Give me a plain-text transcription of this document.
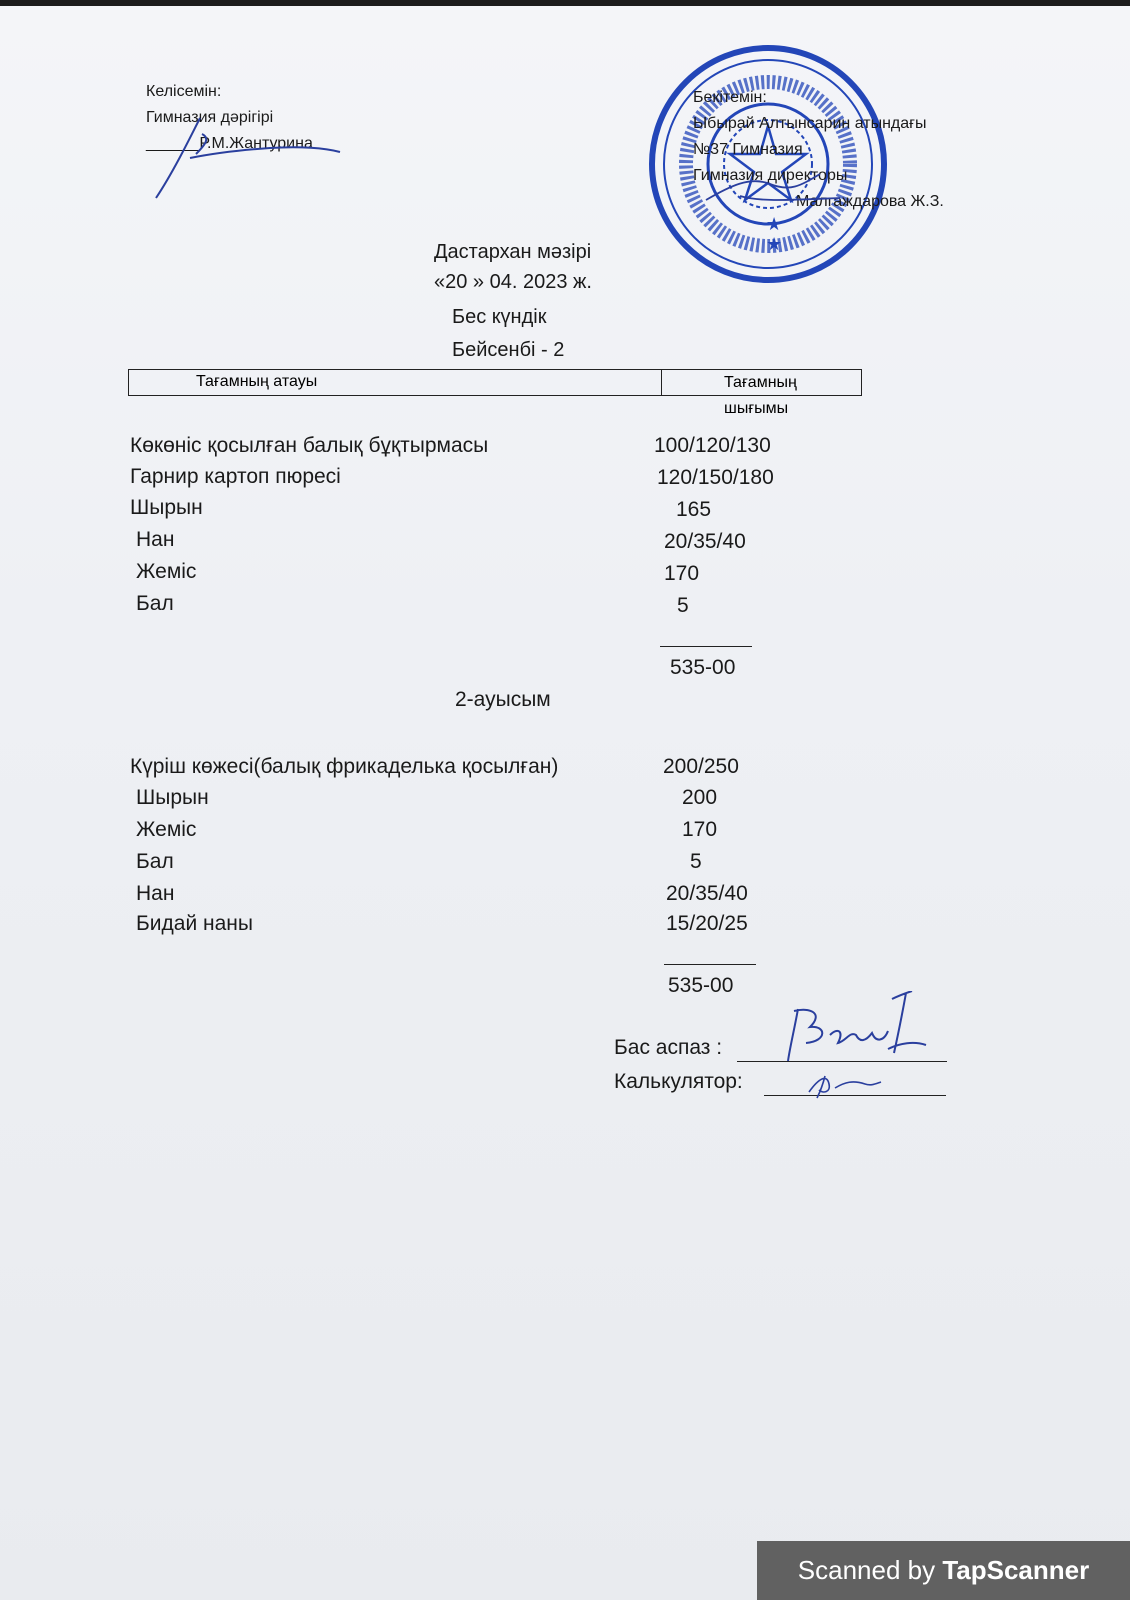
Келісемін:
Гимназия дәрігірі
______Р.М.Жантурина
★
★
Бекітемін:
Ыбырай Алтынсарин атындағы
№37 Гимназия
Гимназия директоры
Малгаждарова Ж.З.
Дастархан мәзірі
«20 » 04. 2023 ж.
Бес күндік
Бейсенбі - 2
Тағамның атауы	Тағамның шығымы
Көкөніс қосылған балық бұқтырмасы	100/120/130
Гарнир картоп пюресі	120/150/180
Шырын	165
Нан	20/35/40
Жеміс	170
Бал	5
535-00
2-ауысым
Күріш көжесі(балық фрикаделька қосылған)	200/250
Шырын	200
Жеміс	170
Бал	5
Нан	20/35/40
Бидай наны	15/20/25
535-00
Бас аспаз :
Калькулятор:
Scanned by TapScanner
